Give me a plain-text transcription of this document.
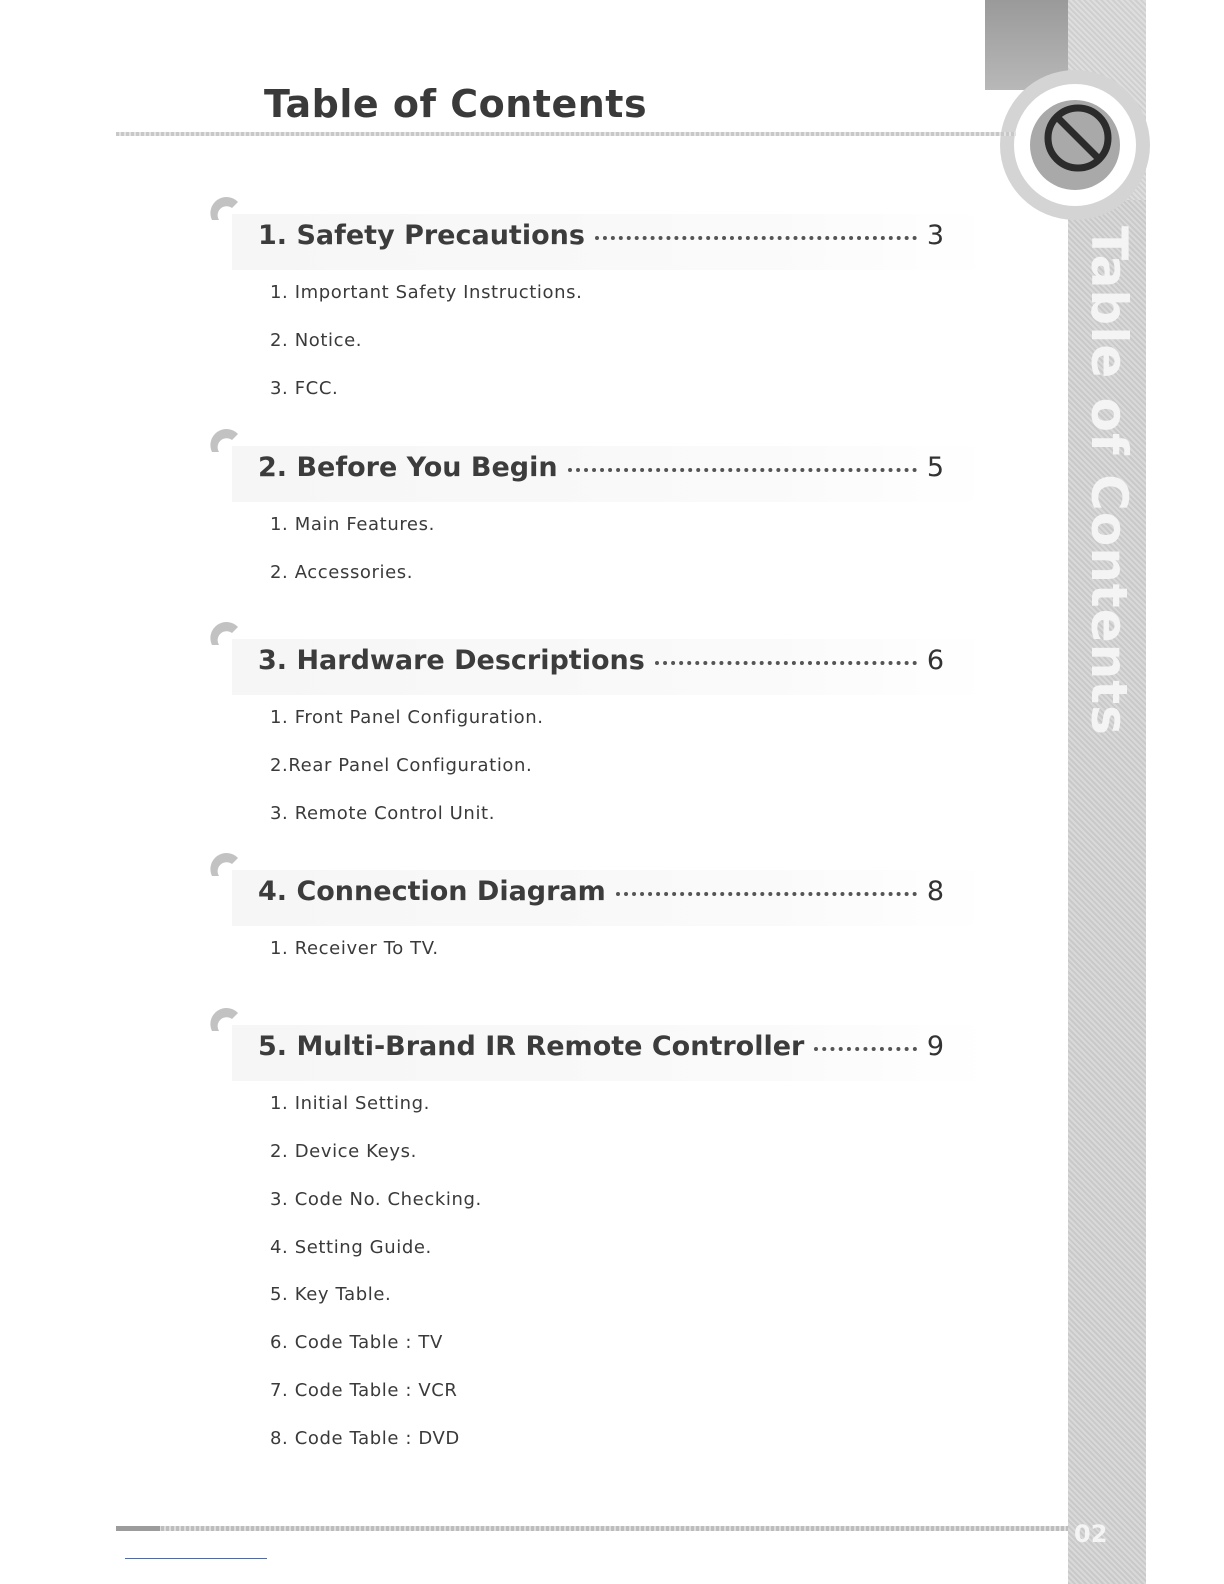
Table of Contents
Table of Contents
02
1. Safety Precautions	3
1. Important Safety Instructions.
2. Notice.
3. FCC.
2. Before You Begin	5
1. Main Features.
2. Accessories.
3. Hardware Descriptions	6
1. Front Panel Configuration.
2.Rear Panel Configuration.
3. Remote Control Unit.
4. Connection Diagram	8
1. Receiver To TV.
5. Multi-Brand IR Remote Controller	9
1. Initial Setting.
2. Device Keys.
3. Code No. Checking.
4. Setting Guide.
5. Key Table.
6. Code Table : TV
7. Code Table : VCR
8. Code Table : DVD
